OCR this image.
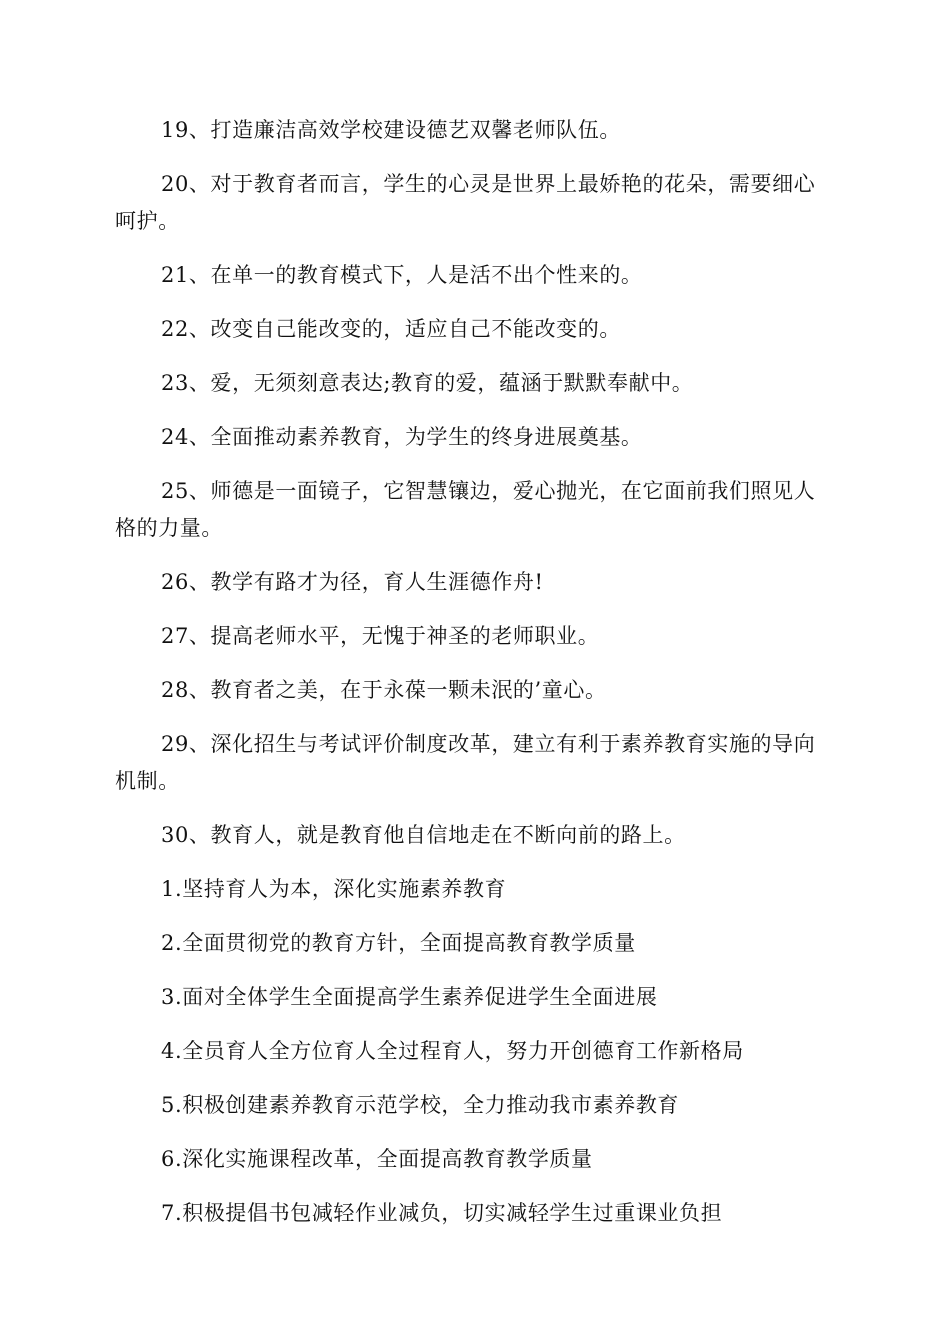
19、打造廉洁高效学校建设德艺双馨老师队伍。

20、对于教育者而言，学生的心灵是世界上最娇艳的花朵，需要细心呵护。

21、在单一的教育模式下，人是活不出个性来的。

22、改变自己能改变的，适应自己不能改变的。

23、爱，无须刻意表达;教育的爱，蕴涵于默默奉献中。

24、全面推动素养教育，为学生的终身进展奠基。

25、师德是一面镜子，它智慧镶边，爱心抛光，在它面前我们照见人格的力量。

26、教学有路才为径，育人生涯德作舟!

27、提高老师水平，无愧于神圣的老师职业。

28、教育者之美，在于永葆一颗未泯的’童心。

29、深化招生与考试评价制度改革，建立有利于素养教育实施的导向机制。

30、教育人，就是教育他自信地走在不断向前的路上。

1.坚持育人为本，深化实施素养教育

2.全面贯彻党的教育方针，全面提高教育教学质量

3.面对全体学生全面提高学生素养促进学生全面进展

4.全员育人全方位育人全过程育人，努力开创德育工作新格局

5.积极创建素养教育示范学校，全力推动我市素养教育

6.深化实施课程改革，全面提高教育教学质量

7.积极提倡书包减轻作业减负，切实减轻学生过重课业负担
